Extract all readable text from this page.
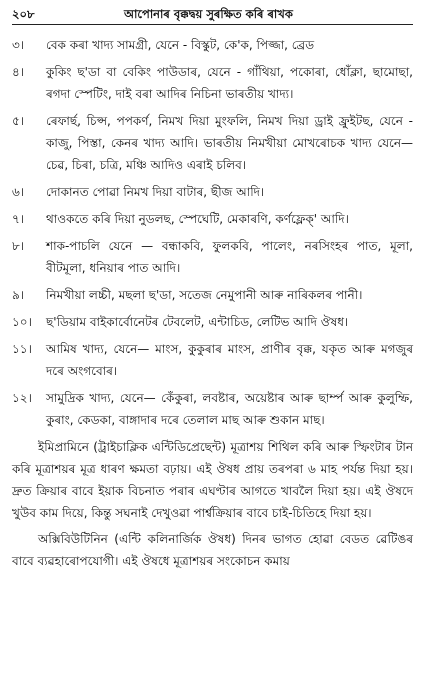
২০৮	আপোনাৰ বৃক্কদ্বয় সুৰক্ষিত কৰি ৰাখক
৩।	বেক কৰা খাদ্য সামগ্ৰী, যেনে - বিস্কুট, কে'ক, পিজ্জা, ব্ৰেড
৪।	কুকিং ছ'ডা বা বেকিং পাউডাৰ, যেনে - গাঁথিয়া, পকোৰা, ধোঁক্লা, ছামোছা, ৰগদা স্পেটিং, দাই বৰা আদিৰ নিচিনা ভাৰতীয় খাদ্য।
৫।	ৰেফাৰ্ছ, চিপ্স, পপকৰ্ণ, নিমখ দিয়া মুংফলি, নিমখ দিয়া ড্ৰাই ফ্ৰুইটছ, যেনে - কাজু, পিস্তা, কেনৰ খাদ্য আদি। ভাৰতীয় নিমখীয়া মোখৰোচক খাদ্য যেনে— চেৱ, চিৰা, চত্ৰি, মঞ্চি আদিও এৰাই চলিব।
৬।	দোকানত পোৱা নিমখ দিয়া বাটাৰ, ছীজ আদি।
৭।	থাওকতে কৰি দিয়া নুডলছ, স্পেঘেটি, মেকাৰণি, কৰ্ণফ্লেক্' আদি।
৮।	শাক-পাচলি যেনে — বন্ধাকবি, ফুলকবি, পালেং, নৰসিংহৰ পাত, মূলা, বীটমূলা, ধনিয়াৰ পাত আদি।
৯।	নিমখীয়া লচ্চী, মছলা ছ'ডা, সতেজ নেমুপানী আৰু নাৰিকলৰ পানী।
১০।	ছ'ডিয়াম বাইকাৰ্বোনেটৰ টেবলেট, এন্টাচিড, লেটিভ আদি ঔষধ।
১১।	আমিষ খাদ্য, যেনে— মাংস, কুকুৰাৰ মাংস, প্ৰাণীৰ বৃক্ক, যকৃত আৰু মগজুৰ দৰে অংগবোৰ।
১২।	সামুদ্ৰিক খাদ্য, যেনে— কেঁকুৰা, লবষ্টাৰ, অয়েষ্টাৰ আৰু ছাৰ্ম্প আৰু কুলুম্ফি, কুৰাং, কেডকা, বাঙ্গাদাৰ দৰে তেলাল মাছ আৰু শুকান মাছ।

ইমিপ্ৰামিনে (ট্ৰাইচাক্লিক এন্টিডিপ্ৰেছেন্ট) মূত্ৰাশয় শিথিল কৰি আৰু স্ফিংটাৰ টান কৰি মূত্ৰাশয়ৰ মূত্ৰ ধাৰণ ক্ষমতা বঢ়ায়। এই ঔষধ প্ৰায় তৰপৰা ৬ মাহ পৰ্যন্ত দিয়া হয়। দ্ৰুত ক্ৰিয়াৰ বাবে ইয়াক বিচনাত পৰাৰ এঘণ্টাৰ আগতে খাবলৈ দিয়া হয়। এই ঔষদে খুউব কাম দিয়ে, কিন্তু সঘনাই দেখুওৱা পাৰ্শ্বক্ৰিয়াৰ বাবে চাই-চিতিহে দিয়া হয়।

অক্সিবিউটিনিন (এন্টি কলিনাৰ্জিক ঔষধ) দিনৰ ভাগত হোৱা বেডত ৱেটিঙৰ বাবে ব্যৱহাৰোপযোগী। এই ঔষধে মূত্ৰাশয়ৰ সংকোচন কমায়
